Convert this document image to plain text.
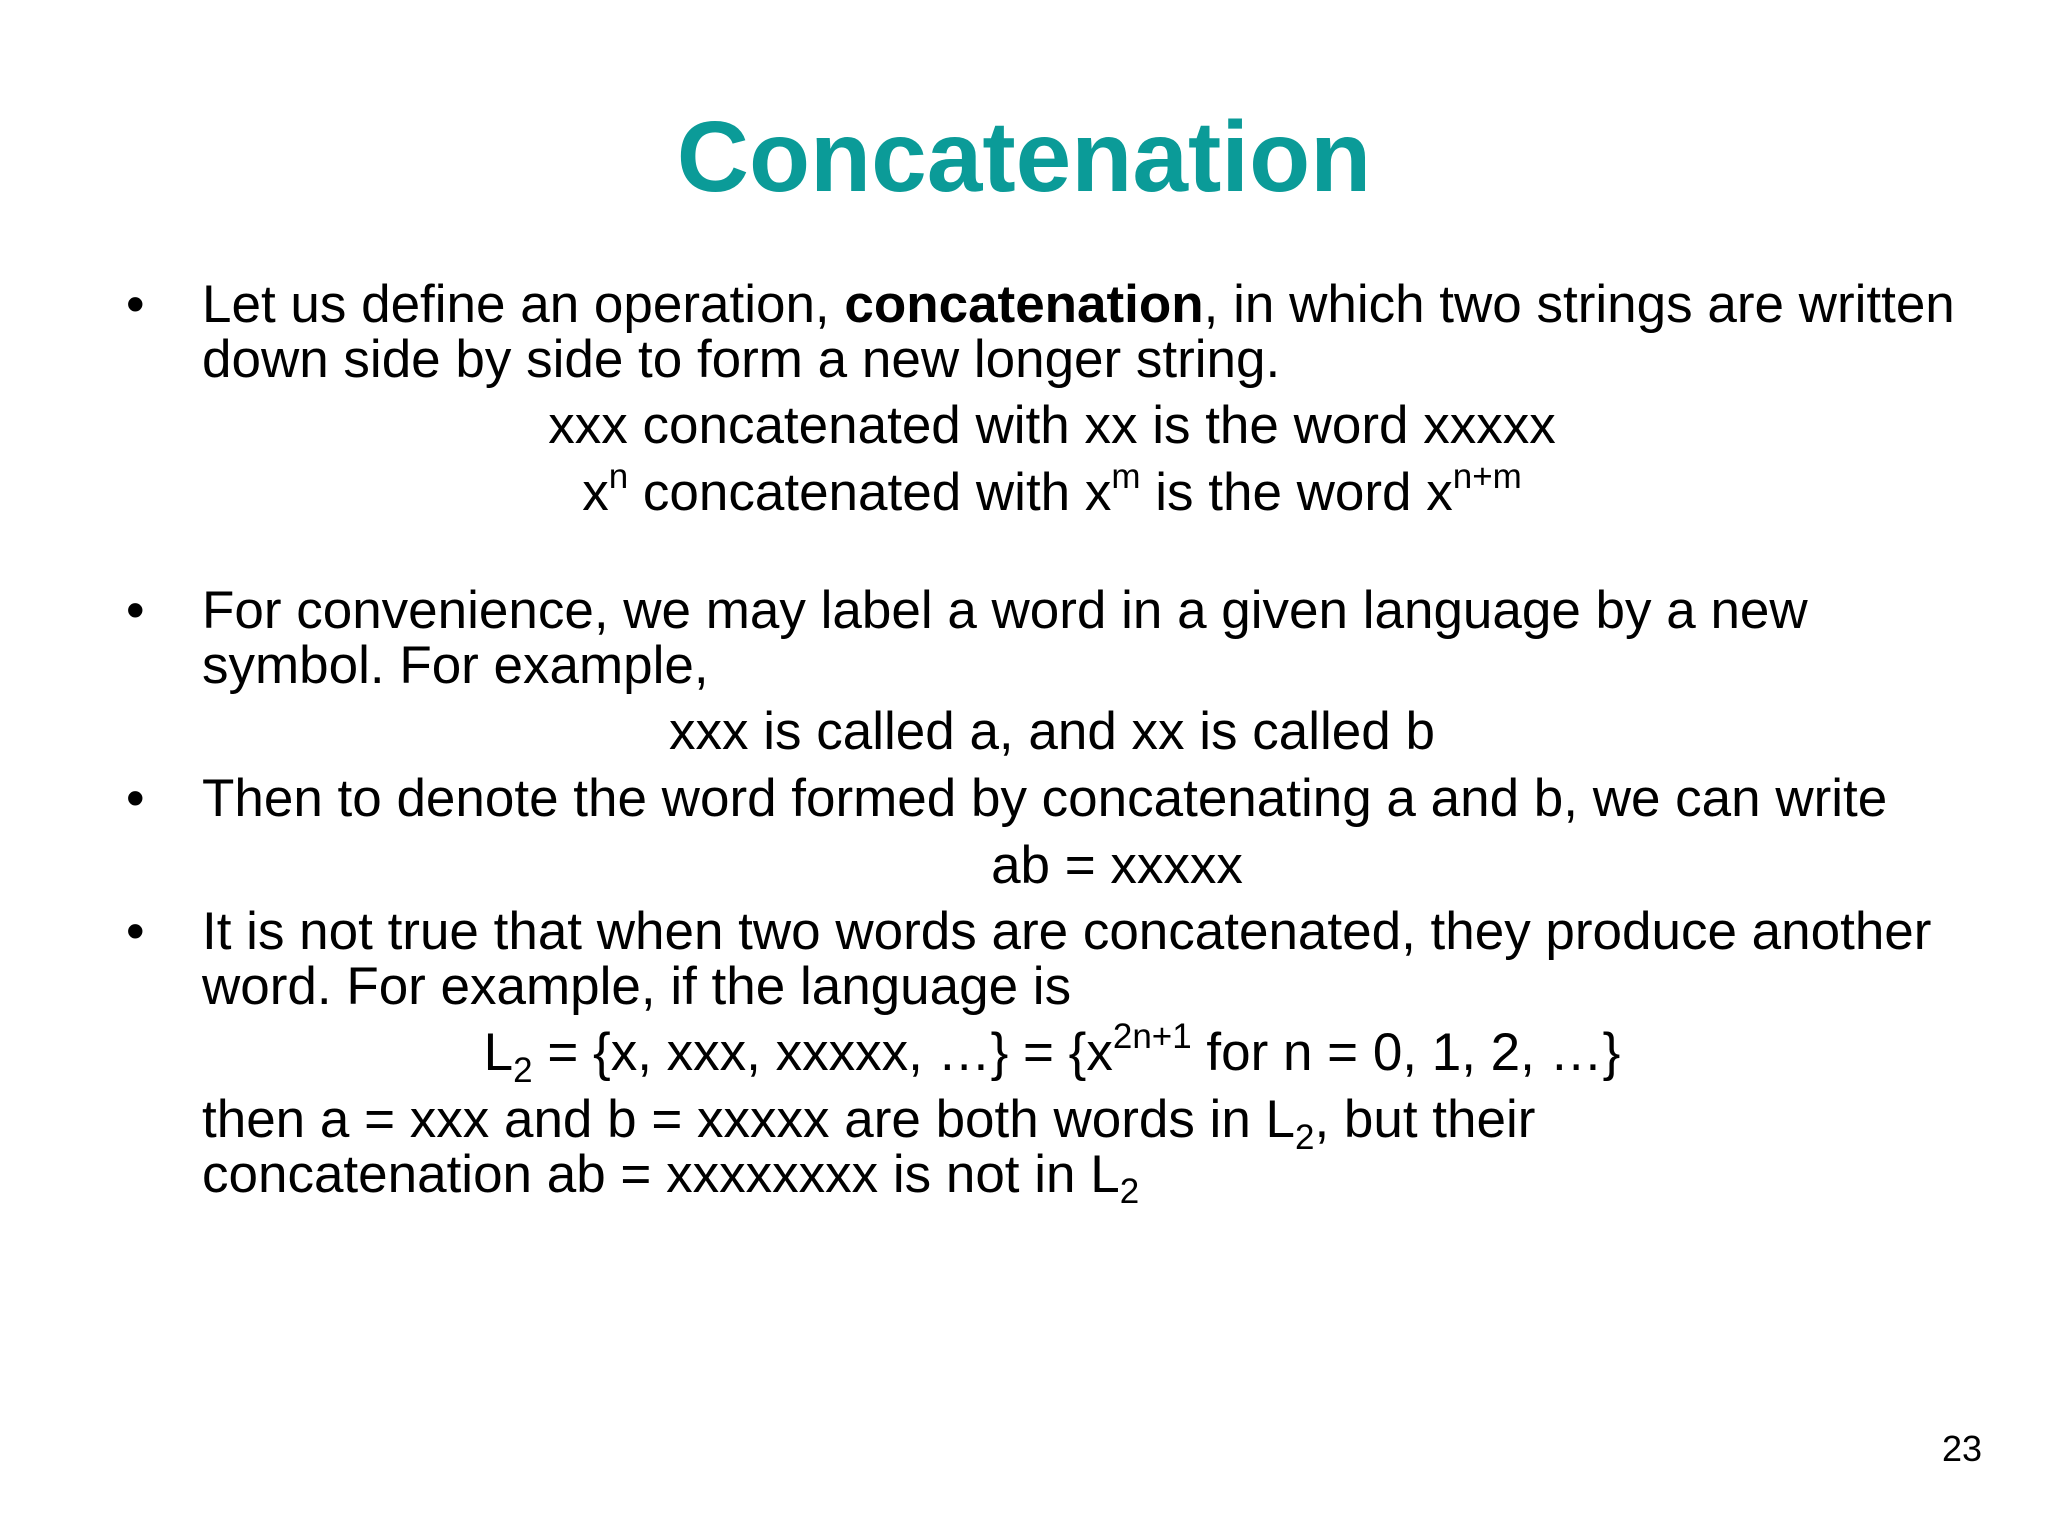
Concatenation
•	Let us define an operation, concatenation, in which two strings are written down side by side to form a new longer string.
xxx concatenated with xx is the word xxxxx
$x^n$ concatenated with $x^m$ is the word $x^{n+m}$
•	For convenience, we may label a word in a given language by a new symbol. For example,
xxx is called a, and xx is called b
•	Then to denote the word formed by concatenating a and b, we can write
ab = xxxxx
•	It is not true that when two words are concatenated, they produce another word. For example, if the language is
$L_2 = \{x$, xxx, xxxxx, …} = {$x^{2n+1}$ for n = 0, 1, 2, …}
then a = xxx and b = xxxxx are both words in $L_2$, but their
concatenation ab = xxxxxxxx is not in $L_2$
23
